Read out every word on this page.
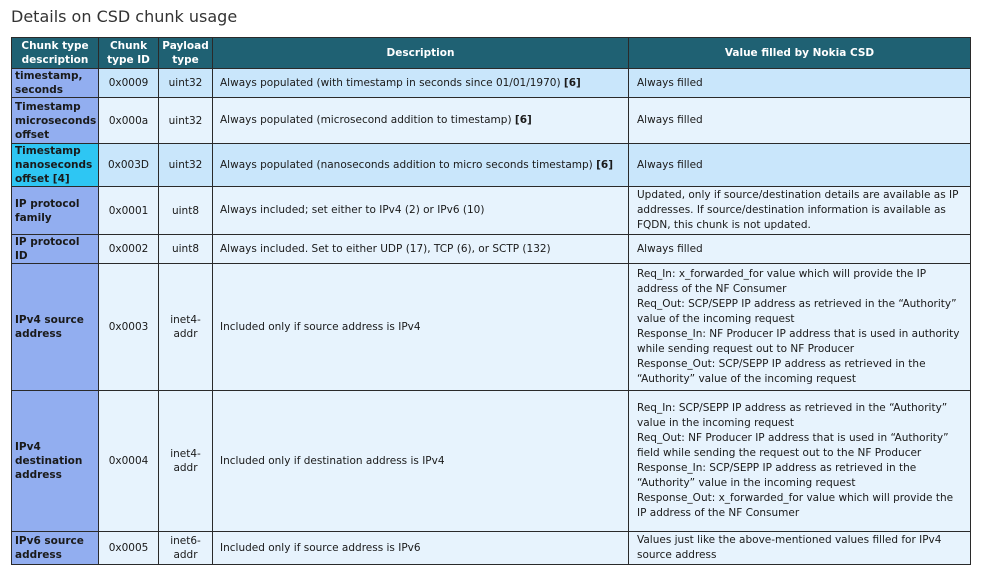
Details on CSD chunk usage
Chunk type description	Chunk type ID	Payload type	Description	Value filled by Nokia CSD
timestamp, seconds	0x0009	uint32	Always populated (with timestamp in seconds since 01/01/1970) [6]	Always filled

Timestamp microseconds offset	0x000a	uint32	Always populated (microsecond addition to timestamp) [6]	Always filled

Timestamp nanoseconds offset [4]	0x003D	uint32	Always populated (nanoseconds addition to micro seconds timestamp) [6]	Always filled

IP protocol family	0x0001	uint8	Always included; set either to IPv4 (2) or IPv6 (10)	Updated, only if source/destination details are available as IP addresses. If source/destination information is available as FQDN, this chunk is not updated.

IP protocol ID	0x0002	uint8	Always included. Set to either UDP (17), TCP (6), or SCTP (132)	Always filled

IPv4 source address	0x0003	inet4-addr	Included only if source address is IPv4	Req_In: x_forwarded_for value which will provide the IP address of the NF Consumer
Req_Out: SCP/SEPP IP address as retrieved in the “Authority” value of the incoming request
Response_In: NF Producer IP address that is used in authority while sending request out to NF Producer
Response_Out: SCP/SEPP IP address as retrieved in the “Authority” value of the incoming request

IPv4 destination address	0x0004	inet4-addr	Included only if destination address is IPv4	Req_In: SCP/SEPP IP address as retrieved in the “Authority” value in the incoming request
Req_Out: NF Producer IP address that is used in “Authority” field while sending the request out to the NF Producer
Response_In: SCP/SEPP IP address as retrieved in the “Authority” value in the incoming request
Response_Out: x_forwarded_for value which will provide the IP address of the NF Consumer

IPv6 source address	0x0005	inet6-addr	Included only if source address is IPv6	Values just like the above-mentioned values filled for IPv4 source address
